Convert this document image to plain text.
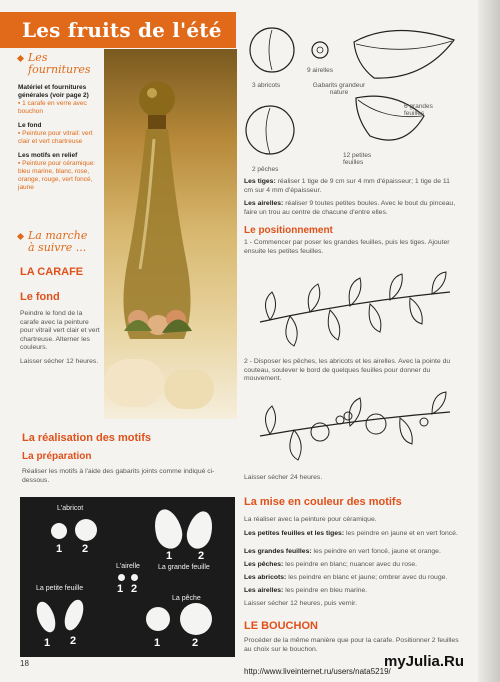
Les fruits de l'été
Les
fournitures
Matériel et fournitures générales (voir page 2)
▪ 1 carafe en verre avec bouchon
Le fond
▪ Peinture pour vitrail: vert clair et vert chartreuse
Les motifs en relief
▪ Peinture pour céramique: bleu marine, blanc, rose, orange, rouge, vert foncé, jaune
La marche
à suivre ...
LA CARAFE
Le fond
Peindre le fond de la carafe avec la peinture pour vitrail vert clair et vert chartreuse. Alterner les couleurs.
Laisser sécher 12 heures.
3 abricots
9 airelles
Gabarits grandeur nature
6 grandes feuilles
12 petites feuilles
2 pêches
Les tiges: réaliser 1 tige de 9 cm sur 4 mm d'épaisseur; 1 tige de 11 cm sur 4 mm d'épaisseur.
Les airelles: réaliser 9 toutes petites boules. Avec le bout du pinceau, faire un trou au centre de chacune d'entre elles.
Le positionnement
1 - Commencer par poser les grandes feuilles, puis les tiges. Ajouter ensuite les petites feuilles.
2 - Disposer les pêches, les abricots et les airelles. Avec la pointe du couteau, soulever le bord de quelques feuilles pour donner du mouvement.
Laisser sécher 24 heures.
La mise en couleur des motifs
La réaliser avec la peinture pour céramique.
Les petites feuilles et les tiges: les peindre en jaune et en vert foncé.
Les grandes feuilles: les peindre en vert foncé, jaune et orange.
Les pêches: les peindre en blanc; nuancer avec du rose.
Les abricots: les peindre en blanc et jaune; ombrer avec du rouge.
Les airelles: les peindre en bleu marine.
Laisser sécher 12 heures, puis vernir.
LE BOUCHON
Procéder de la même manière que pour la carafe. Positionner 2 feuilles au choix sur le bouchon.
La réalisation des motifs
La préparation
Réaliser les motifs à l'aide des gabarits joints comme indiqué ci-dessous.
L'abricot
1 2
1 2
La grande feuille
L'airelle
1 2
La petite feuille
1 2
La pêche
1	2
18
http://www.liveinternet.ru/users/nata5219/
myJulia.Ru
